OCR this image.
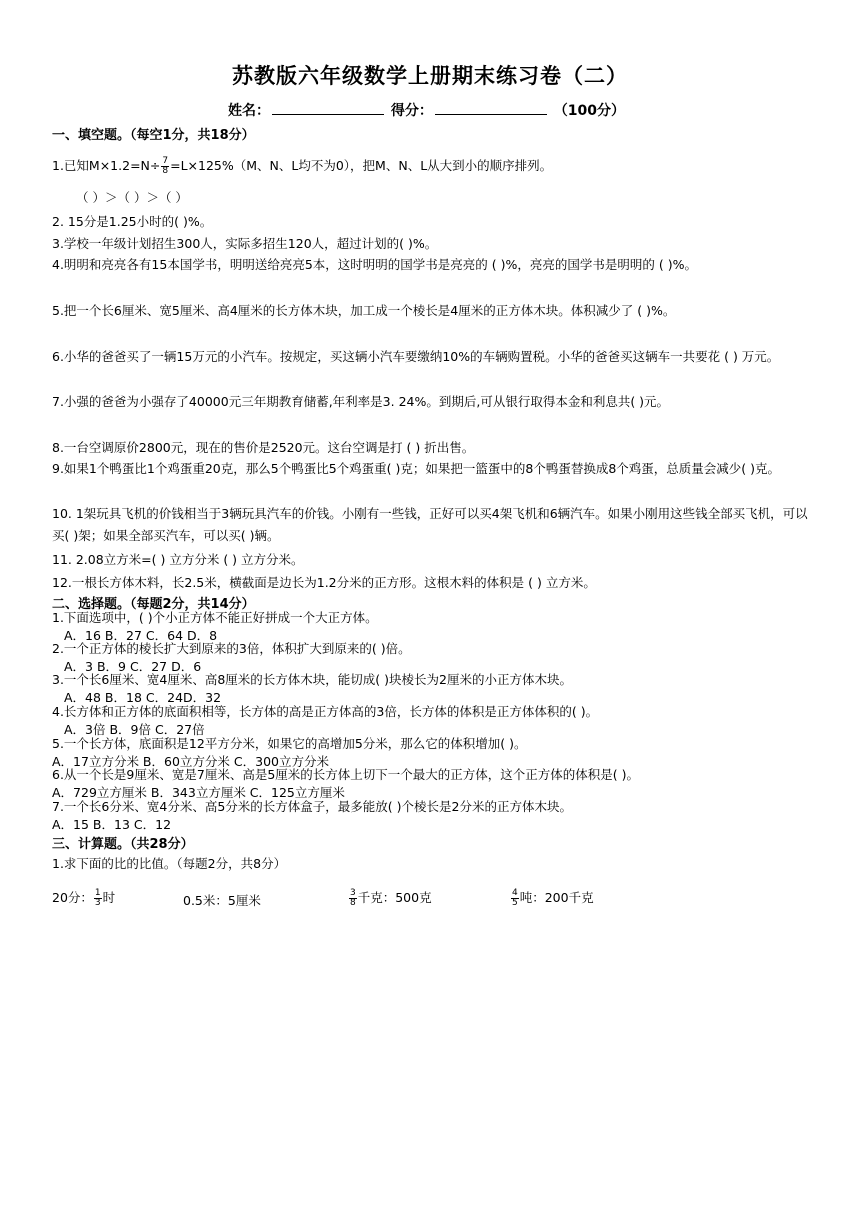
苏教版六年级数学上册期末练习卷（二）
姓名：	得分：	（100分）
一、填空题。（每空1分，共18分）
1.已知$M\times 1.2=N\div \frac{7}{8} =L\times 125\%(M$、N、L均不为0），把M、N、L从大到小的顺序排列。
（ ）＞（ ）＞（ ）
2. 15分是1.25小时的( )%。
3.学校一年级计划招生300人，实际多招生120人，超过计划的( )%。
4.明明和亮亮各有15本国学书，明明送给亮亮5本，这时明明的国学书是亮亮的 ( )%，亮亮的国学书是明明的 ( )%。
5.把一个长6厘米、宽5厘米、高4厘米的长方体木块，加工成一个棱长是4厘米的正方体木块。体积减少了 ( )%。
6.小华的爸爸买了一辆15万元的小汽车。按规定，买这辆小汽车要缴纳10%的车辆购置税。小华的爸爸买这辆车一共要花 ( ) 万元。
7.小强的爸爸为小强存了40000元三年期教育储蓄,年利率是3. 24%。到期后,可从银行取得本金和利息共( )元。
8.一台空调原价2800元，现在的售价是2520元。这台空调是打 ( ) 折出售。
9.如果1个鸭蛋比1个鸡蛋重20克，那么5个鸭蛋比5个鸡蛋重( )克；如果把一篮蛋中的8个鸭蛋替换成8个鸡蛋，总质量会减少( )克。
10. 1架玩具飞机的价钱相当于3辆玩具汽车的价钱。小刚有一些钱，正好可以买4架飞机和6辆汽车。如果小刚用这些钱全部买飞机，可以买( )架；如果全部买汽车，可以买( )辆。
11. 2.08立方米=( ) 立方分米 ( ) 立方分米。
12.一根长方体木料，长2.5米，横截面是边长为1.2分米的正方形。这根木料的体积是 ( ) 立方米。
二、选择题。（每题2分，共14分）
1.下面选项中，( )个小正方体不能正好拼成一个大正方体。
A．16 B．27 C．64 D．8
2.一个正方体的棱长扩大到原来的3倍，体积扩大到原来的( )倍。
A．3 B．9 C．27 D．6
3.一个长6厘米、宽4厘米、高8厘米的长方体木块，能切成( )块棱长为2厘米的小正方体木块。
A．48 B．18 C．24D．32
4.长方体和正方体的底面积相等，长方体的高是正方体高的3倍，长方体的体积是正方体体积的( )。
A．3倍 B．9倍 C．27倍
5.一个长方体，底面积是12平方分米，如果它的高增加5分米，那么它的体积增加( )。
A．17立方分米 B．60立方分米 C．300立方分米
6.从一个长是9厘米、宽是7厘米、高是5厘米的长方体上切下一个最大的正方体，这个正方体的体积是( )。
A．729立方厘米 B．343立方厘米 C．125立方厘米
7.一个长6分米、宽4分米、高5分米的长方体盒子，最多能放( )个棱长是2分米的正方体木块。
A．15 B．13 C．12
三、计算题。（共28分）
1.求下面的比的比值。（每题2分，共8分）
20分： $\frac{1}{3}$ 时	0.5米：5厘米	$\frac{3}{8}$ 千克：500克	$\frac{4}{5}$ 吨：200千克
